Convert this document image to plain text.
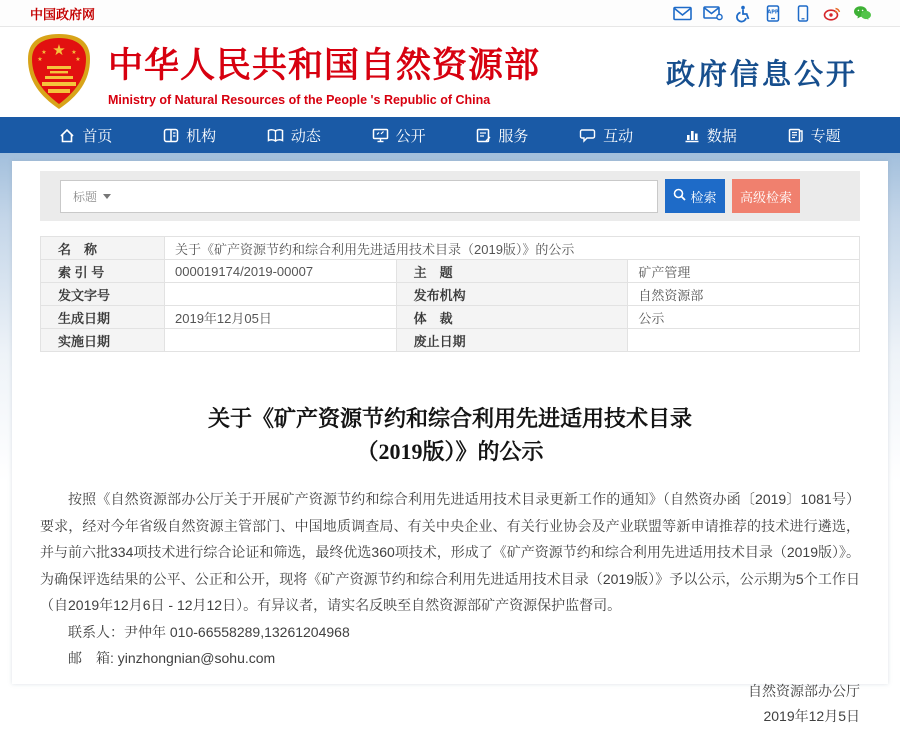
中国政府网	APP
★
★	★
★	★ 中华人民共和国自然资源部
Ministry of Natural Resources of the People 's Republic of China
政府信息公开
首页	机构	动态	公开	服务	互动	数据	专题
标题	检索	高级检索
名　称	关于《矿产资源节约和综合利用先进适用技术目录（2019版）》的公示		
索 引 号	000019174/2019-00007	主　题	矿产管理
发文字号		发布机构	自然资源部
生成日期	2019年12月05日	体　裁	公示
实施日期		废止日期	
关于《矿产资源节约和综合利用先进适用技术目录
（2019版）》的公示

按照《自然资源部办公厅关于开展矿产资源节约和综合利用先进适用技术目录更新工作的通知》（自然资办函〔2019〕1081号）要求，经对今年省级自然资源主管部门、中国地质调查局、有关中央企业、有关行业协会及产业联盟等新申请推荐的技术进行遴选，并与前六批334项技术进行综合论证和筛选，最终优选360项技术，形成了《矿产资源节约和综合利用先进适用技术目录（2019版）》。为确保评选结果的公平、公正和公开，现将《矿产资源节约和综合利用先进适用技术目录（2019版）》予以公示，公示期为5个工作日（自2019年12月6日 - 12月12日）。有异议者，请实名反映至自然资源部矿产资源保护监督司。

联系人：尹仲年 010-66558289,13261204968

邮　箱: yinzhongnian@sohu.com

自然资源部办公厅
2019年12月5日
